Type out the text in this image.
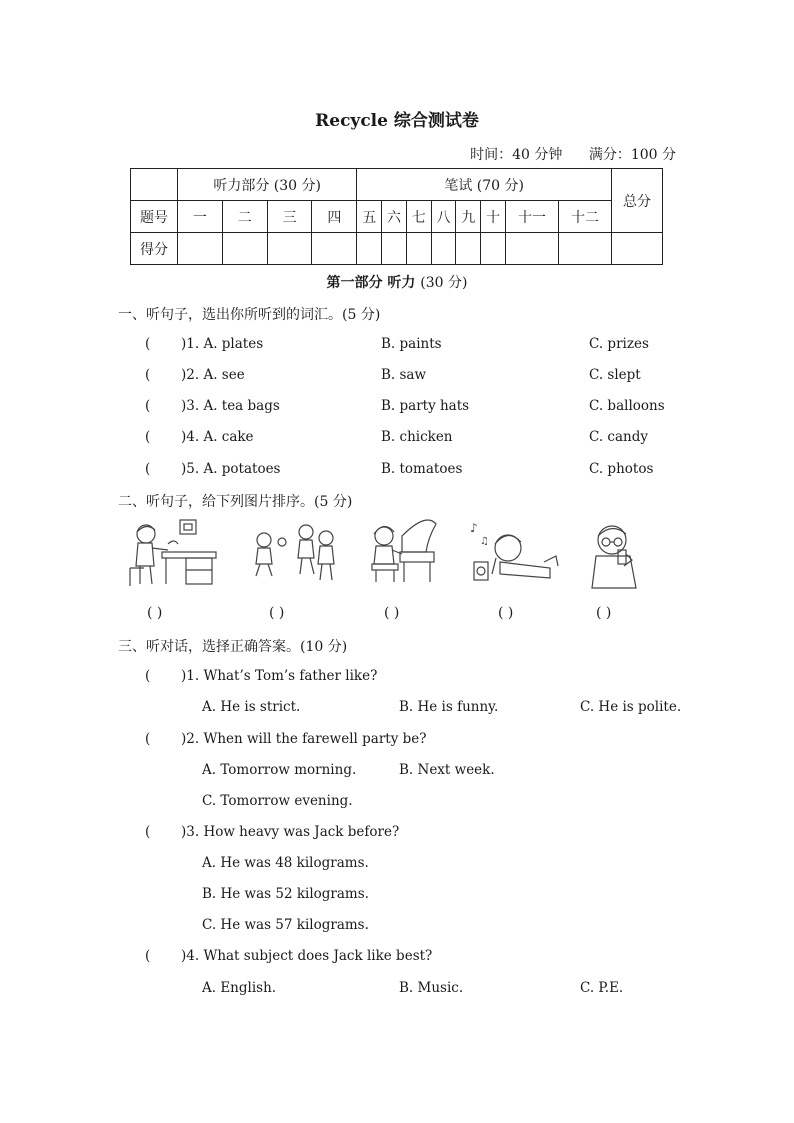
Recycle 综合测试卷
时间：40 分钟 满分：100 分
	听力部分 (30 分)				笔试 (70 分)								总分
题号	一	二	三	四	五	六	七	八	九	十	十一	十二	
得分													
第一部分 听力 (30 分)
一、听句子，选出你所听到的词汇。(5 分)
( )1. A. plates	B. paints	C. prizes
( )2. A. see	B. saw	C. slept
( )3. A. tea bags	B. party hats	C. balloons
( )4. A. cake	B. chicken	C. candy
( )5. A. potatoes	B. tomatoes	C. photos
二、听句子，给下列图片排序。(5 分)
♪
♫
( )	( )	( )	( )	( )
三、听对话，选择正确答案。(10 分)
( )1. What’s Tom’s father like?
A. He is strict.	B. He is funny.	C. He is polite.
( )2. When will the farewell party be?
A. Tomorrow morning.	B. Next week.
C. Tomorrow evening.
( )3. How heavy was Jack before?
A. He was 48 kilograms.
B. He was 52 kilograms.
C. He was 57 kilograms.
( )4. What subject does Jack like best?
A. English.	B. Music.	C. P.E.
